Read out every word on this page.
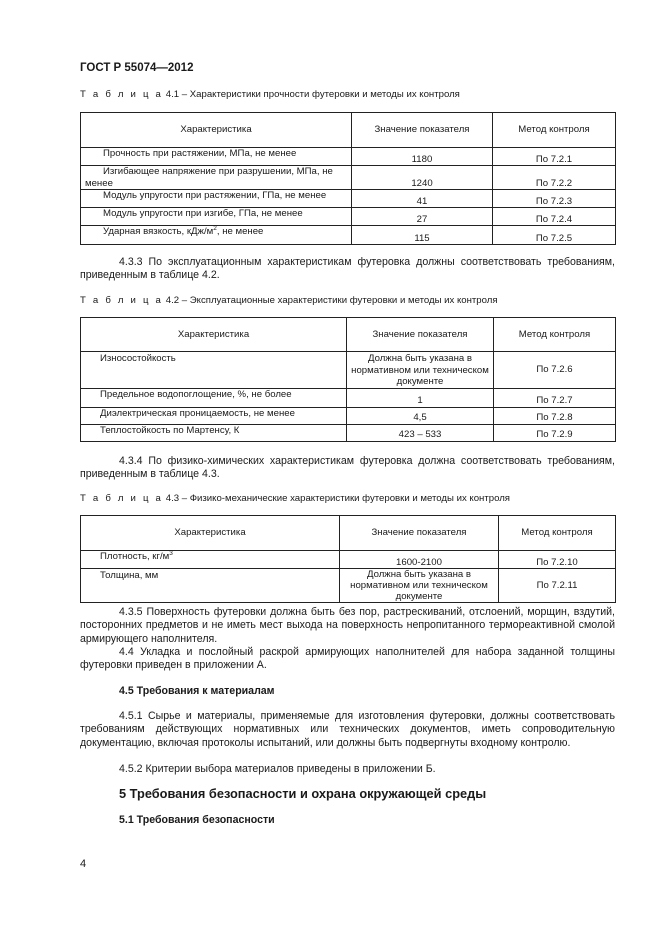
ГОСТ Р 55074—2012
Т а б л и ц а 4.1 – Характеристики прочности футеровки и методы их контроля
Характеристика	Значение показателя	Метод контроля
Прочность при растяжении, МПа, не менее	1180	По 7.2.1
Изгибающее напряжение при разрушении, МПа, не менее	1240	По 7.2.2
Модуль упругости при растяжении, ГПа, не менее	41	По 7.2.3
Модуль упругости при изгибе, ГПа, не менее	27	По 7.2.4
Ударная вязкость, кДж/$м^2$, не менее	115	По 7.2.5
4.3.3 По эксплуатационным характеристикам футеровка должны соответствовать требованиям, приведенным в таблице 4.2.
Т а б л и ц а 4.2 – Эксплуатационные характеристики футеровки и методы их контроля
Характеристика	Значение показателя	Метод контроля
Износостойкость	Должна быть указана в нормативном или техническом документе	По 7.2.6
Предельное водопоглощение, %, не более	1	По 7.2.7
Диэлектрическая проницаемость, не менее	4,5	По 7.2.8
Теплостойкость по Мартенсу, К	423 – 533	По 7.2.9
4.3.4 По физико-химических характеристикам футеровка должна соответствовать требованиям, приведенным в таблице 4.3.
Т а б л и ц а 4.3 – Физико-механические характеристики футеровки и методы их контроля
Характеристика	Значение показателя	Метод контроля
Плотность, $кг/м^3$	1600-2100	По 7.2.10
Толщина, мм	Должна быть указана в нормативном или техническом документе	По 7.2.11
4.3.5 Поверхность футеровки должна быть без пор, растрескиваний, отслоений, морщин, вздутий, посторонних предметов и не иметь мест выхода на поверхность непропитанного термореактивной смолой армирующего наполнителя.
4.4 Укладка и послойный раскрой армирующих наполнителей для набора заданной толщины футеровки приведен в приложении А.
4.5 Требования к материалам
4.5.1 Сырье и материалы, применяемые для изготовления футеровки, должны соответствовать требованиям действующих нормативных или технических документов, иметь сопроводительную документацию, включая протоколы испытаний, или должны быть подвергнуты входному контролю.
4.5.2 Критерии выбора материалов приведены в приложении Б.
5 Требования безопасности и охрана окружающей среды
5.1 Требования безопасности
4
